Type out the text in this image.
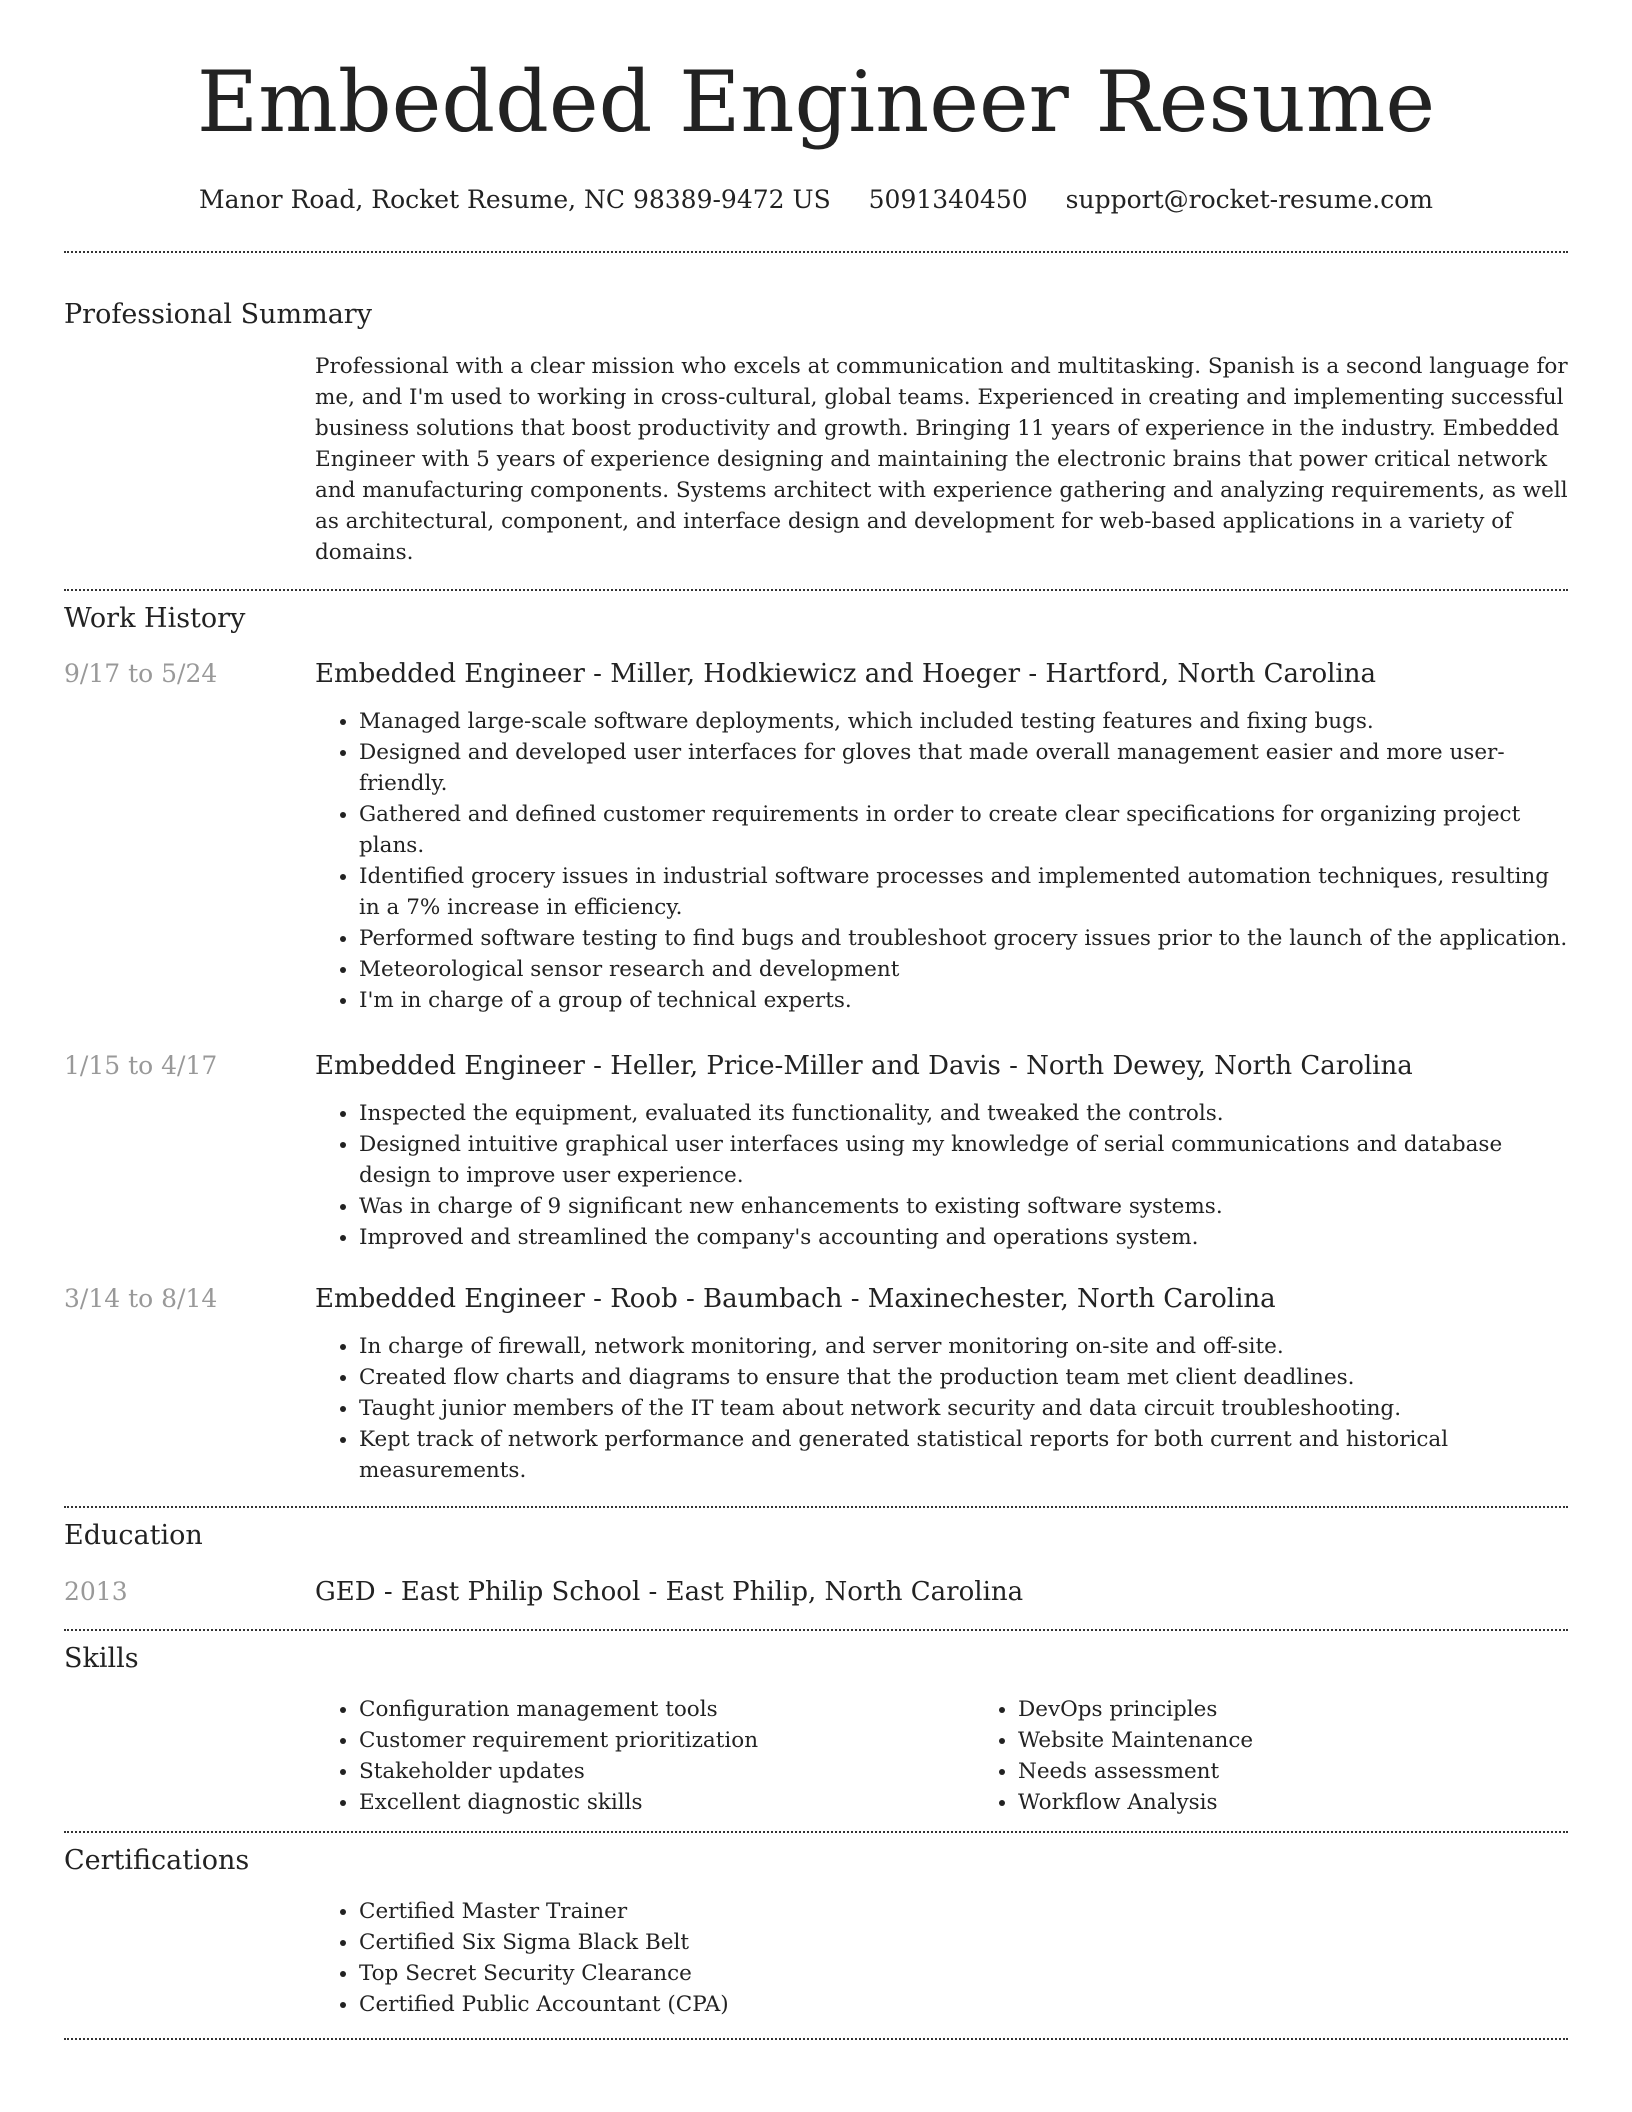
Embedded Engineer Resume
Manor Road, Rocket Resume, NC 98389-9472 US 5091340450 support@rocket-resume.com
Professional Summary

Professional with a clear mission who excels at communication and multitasking. Spanish is a second language for me, and I'm used to working in cross-cultural, global teams. Experienced in creating and implementing successful business solutions that boost productivity and growth. Bringing 11 years of experience in the industry. Embedded Engineer with 5 years of experience designing and maintaining the electronic brains that power critical network and manufacturing components. Systems architect with experience gathering and analyzing requirements, as well as architectural, component, and interface design and development for web-based applications in a variety of domains.

Work History
9/17 to 5/24	Embedded Engineer - Miller, Hodkiewicz and Hoeger - Hartford, North Carolina
• Managed large-scale software deployments, which included testing features and fixing bugs.
• Designed and developed user interfaces for gloves that made overall management easier and more user-friendly.
• Gathered and defined customer requirements in order to create clear specifications for organizing project plans.
• Identified grocery issues in industrial software processes and implemented automation techniques, resulting in a 7% increase in efficiency.
• Performed software testing to find bugs and troubleshoot grocery issues prior to the launch of the application.
• Meteorological sensor research and development
• I'm in charge of a group of technical experts.
1/15 to 4/17	Embedded Engineer - Heller, Price-Miller and Davis - North Dewey, North Carolina
• Inspected the equipment, evaluated its functionality, and tweaked the controls.
• Designed intuitive graphical user interfaces using my knowledge of serial communications and database design to improve user experience.
• Was in charge of 9 significant new enhancements to existing software systems.
• Improved and streamlined the company's accounting and operations system.
3/14 to 8/14	Embedded Engineer - Roob - Baumbach - Maxinechester, North Carolina
• In charge of firewall, network monitoring, and server monitoring on-site and off-site.
• Created flow charts and diagrams to ensure that the production team met client deadlines.
• Taught junior members of the IT team about network security and data circuit troubleshooting.
• Kept track of network performance and generated statistical reports for both current and historical measurements.
Education
2013	GED - East Philip School - East Philip, North Carolina
Skills
• Configuration management tools
• Customer requirement prioritization
• Stakeholder updates
• Excellent diagnostic skills
• DevOps principles
• Website Maintenance
• Needs assessment
• Workflow Analysis
Certifications
• Certified Master Trainer
• Certified Six Sigma Black Belt
• Top Secret Security Clearance
• Certified Public Accountant (CPA)
